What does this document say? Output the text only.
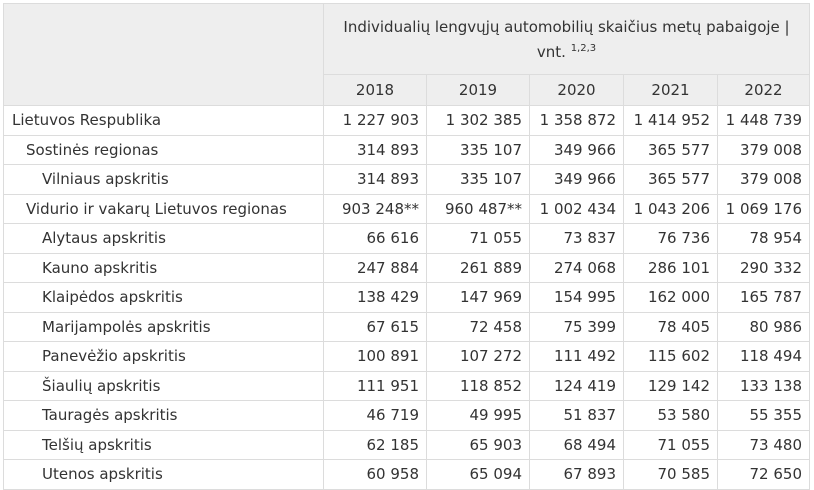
	Individualių lengvųjų automobilių skaičius metų pabaigoje | vnt. $^{1,2,3}$
	2018	2019	2020	2021	2022
Lietuvos Respublika	1 227 903	1 302 385	1 358 872	1 414 952	1 448 739
Sostinės regionas	314 893	335 107	349 966	365 577	379 008
Vilniaus apskritis	314 893	335 107	349 966	365 577	379 008
Vidurio ir vakarų Lietuvos regionas	903 248**	960 487**	1 002 434	1 043 206	1 069 176
Alytaus apskritis	66 616	71 055	73 837	76 736	78 954
Kauno apskritis	247 884	261 889	274 068	286 101	290 332
Klaipėdos apskritis	138 429	147 969	154 995	162 000	165 787
Marijampolės apskritis	67 615	72 458	75 399	78 405	80 986
Panevėžio apskritis	100 891	107 272	111 492	115 602	118 494
Šiaulių apskritis	111 951	118 852	124 419	129 142	133 138
Tauragės apskritis	46 719	49 995	51 837	53 580	55 355
Telšių apskritis	62 185	65 903	68 494	71 055	73 480
Utenos apskritis	60 958	65 094	67 893	70 585	72 650
